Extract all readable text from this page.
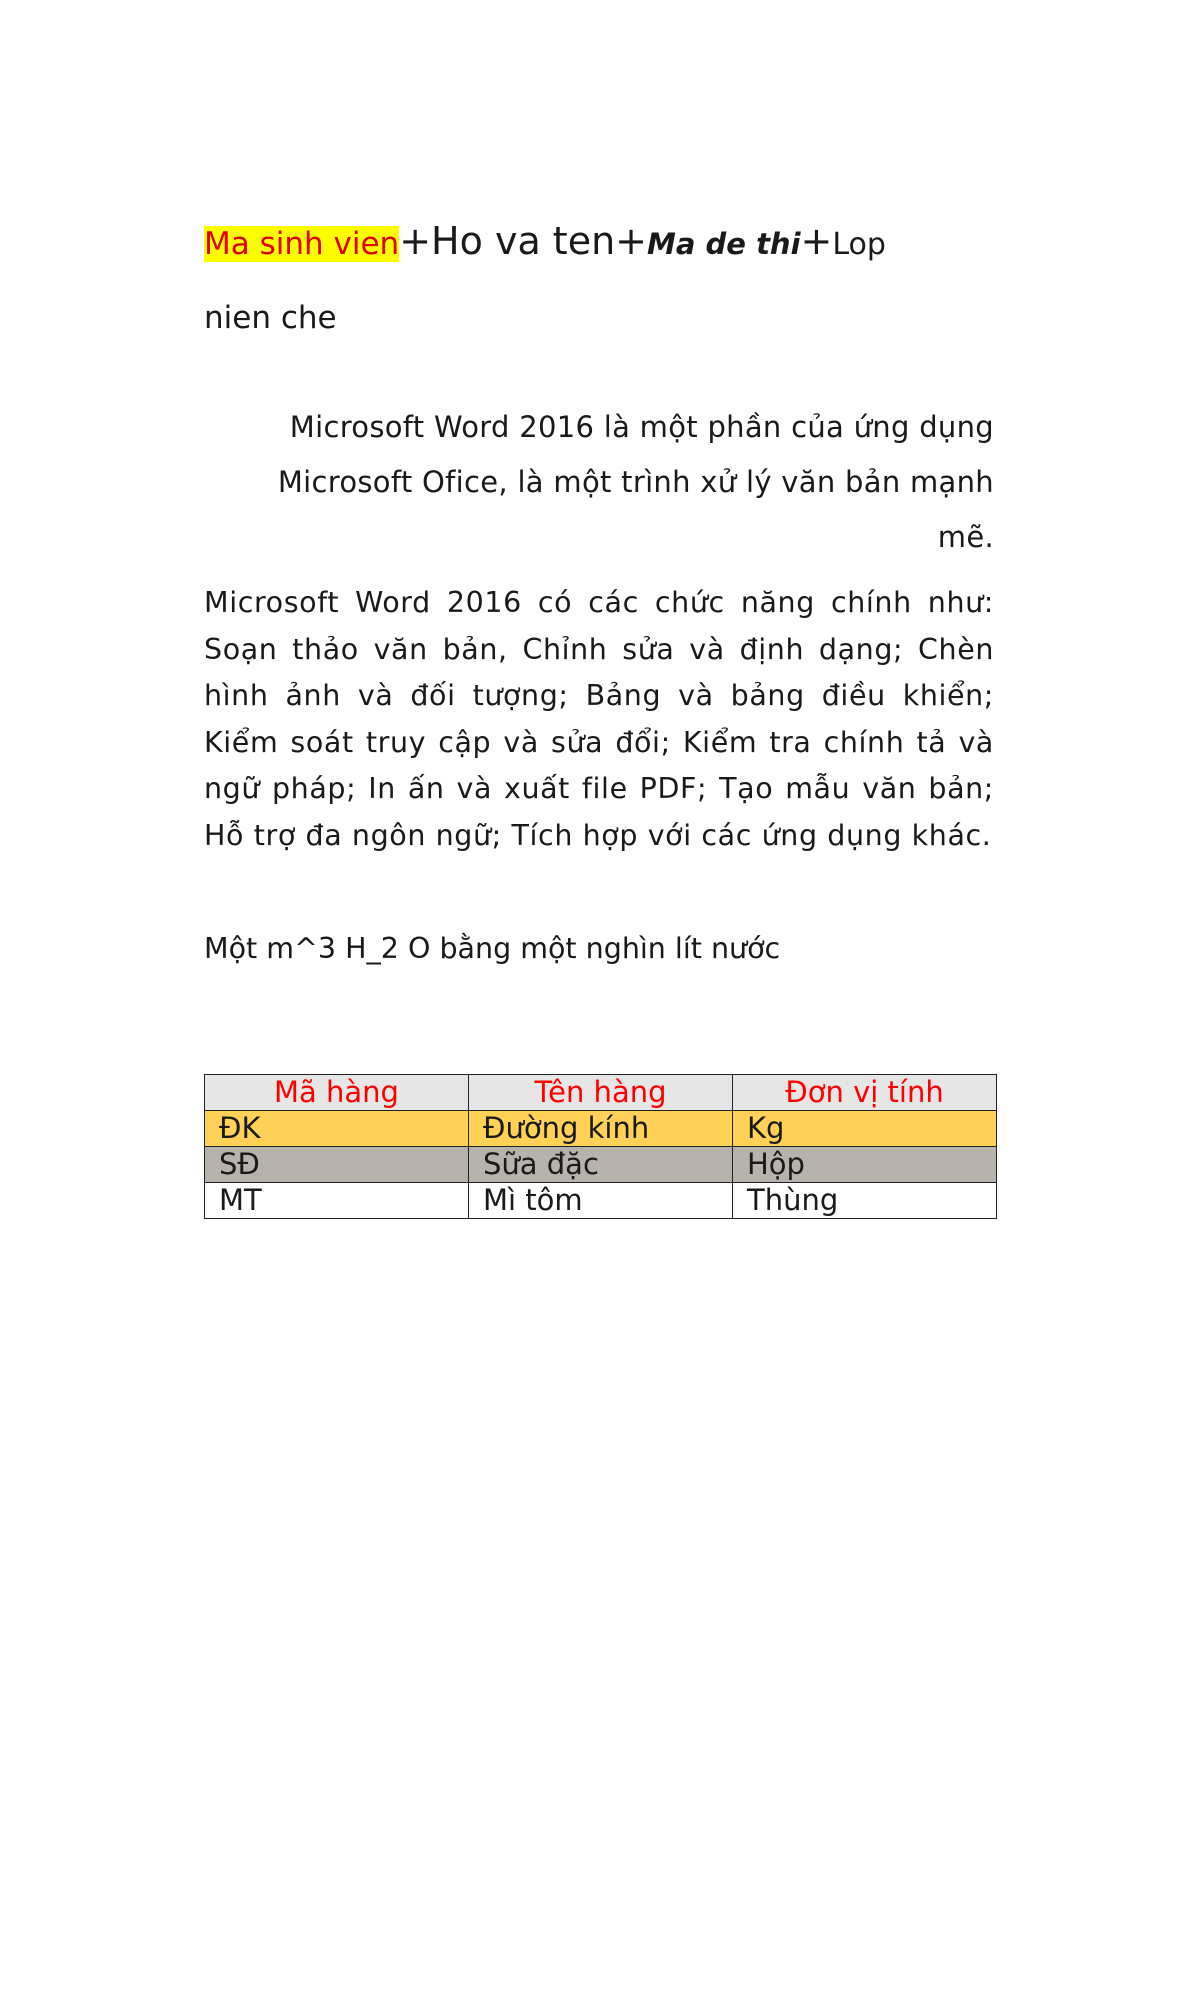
Ma sinh vien+Ho va ten+Ma de thi+Lop
nien che

Microsoft Word 2016 là một phần của ứng dụng Microsoft Ofice, là một trình xử lý văn bản mạnh mẽ.

Microsoft Word 2016 có các chức năng chính như: Soạn thảo văn bản, Chỉnh sửa và định dạng; Chèn hình ảnh và đối tượng; Bảng và bảng điều khiển; Kiểm soát truy cập và sửa đổi; Kiểm tra chính tả và ngữ pháp; In ấn và xuất file PDF; Tạo mẫu văn bản; Hỗ trợ đa ngôn ngữ; Tích hợp với các ứng dụng khác.

Một m^3 H_2 O bằng một nghìn lít nước

Mã hàng	Tên hàng	Đơn vị tính
ĐK	Đường kính	Kg
SĐ	Sữa đặc	Hộp
MT	Mì tôm	Thùng
